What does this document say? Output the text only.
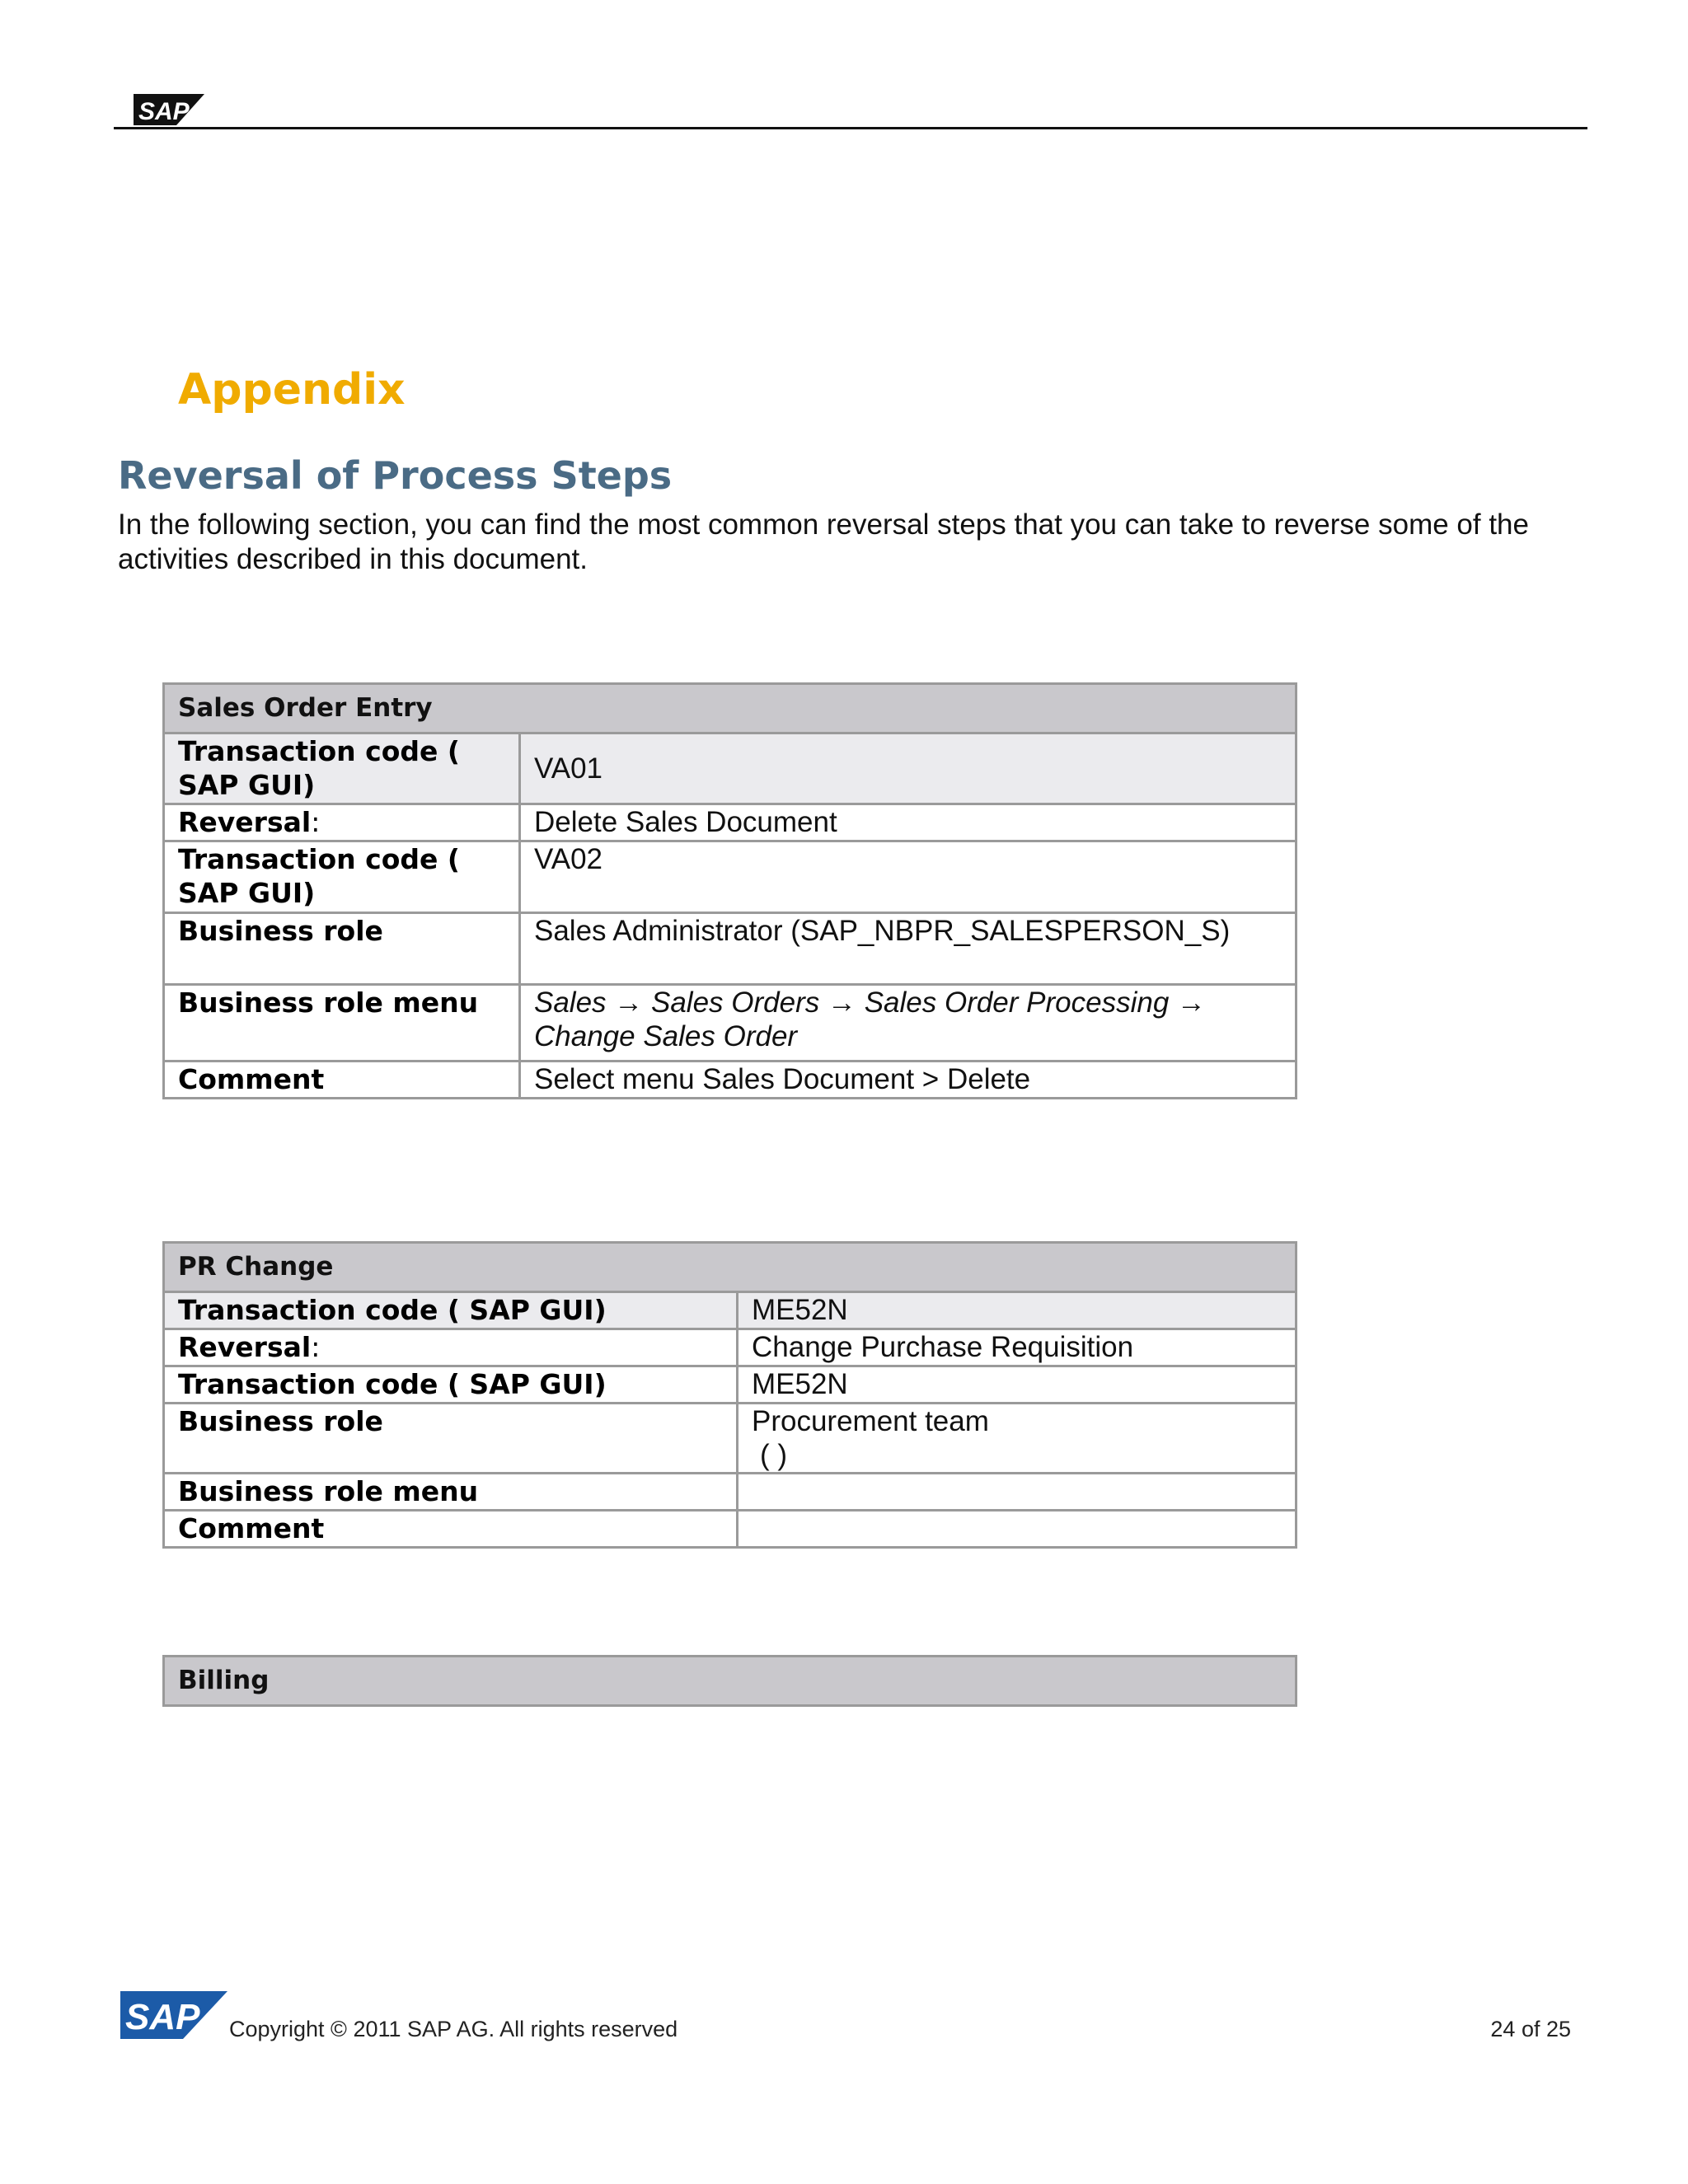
SAP
Appendix
Reversal of Process Steps
In the following section, you can find the most common reversal steps that you can take to reverse some of the activities described in this document.
Sales Order Entry	
Transaction code ( SAP GUI)	VA01
Reversal:	Delete Sales Document
Transaction code ( SAP GUI)	VA02
Business role	Sales Administrator (SAP_NBPR_SALESPERSON_S)
Business role menu	Sales → Sales Orders → Sales Order Processing → Change Sales Order
Comment	Select menu Sales Document > Delete
PR Change	
Transaction code ( SAP GUI)	ME52N
Reversal:	Change Purchase Requisition
Transaction code ( SAP GUI)	ME52N
Business role	Procurement team
( )

Business role menu	
Comment	
Billing
SAP Copyright © 2011 SAP AG. All rights reserved	24 of 25
